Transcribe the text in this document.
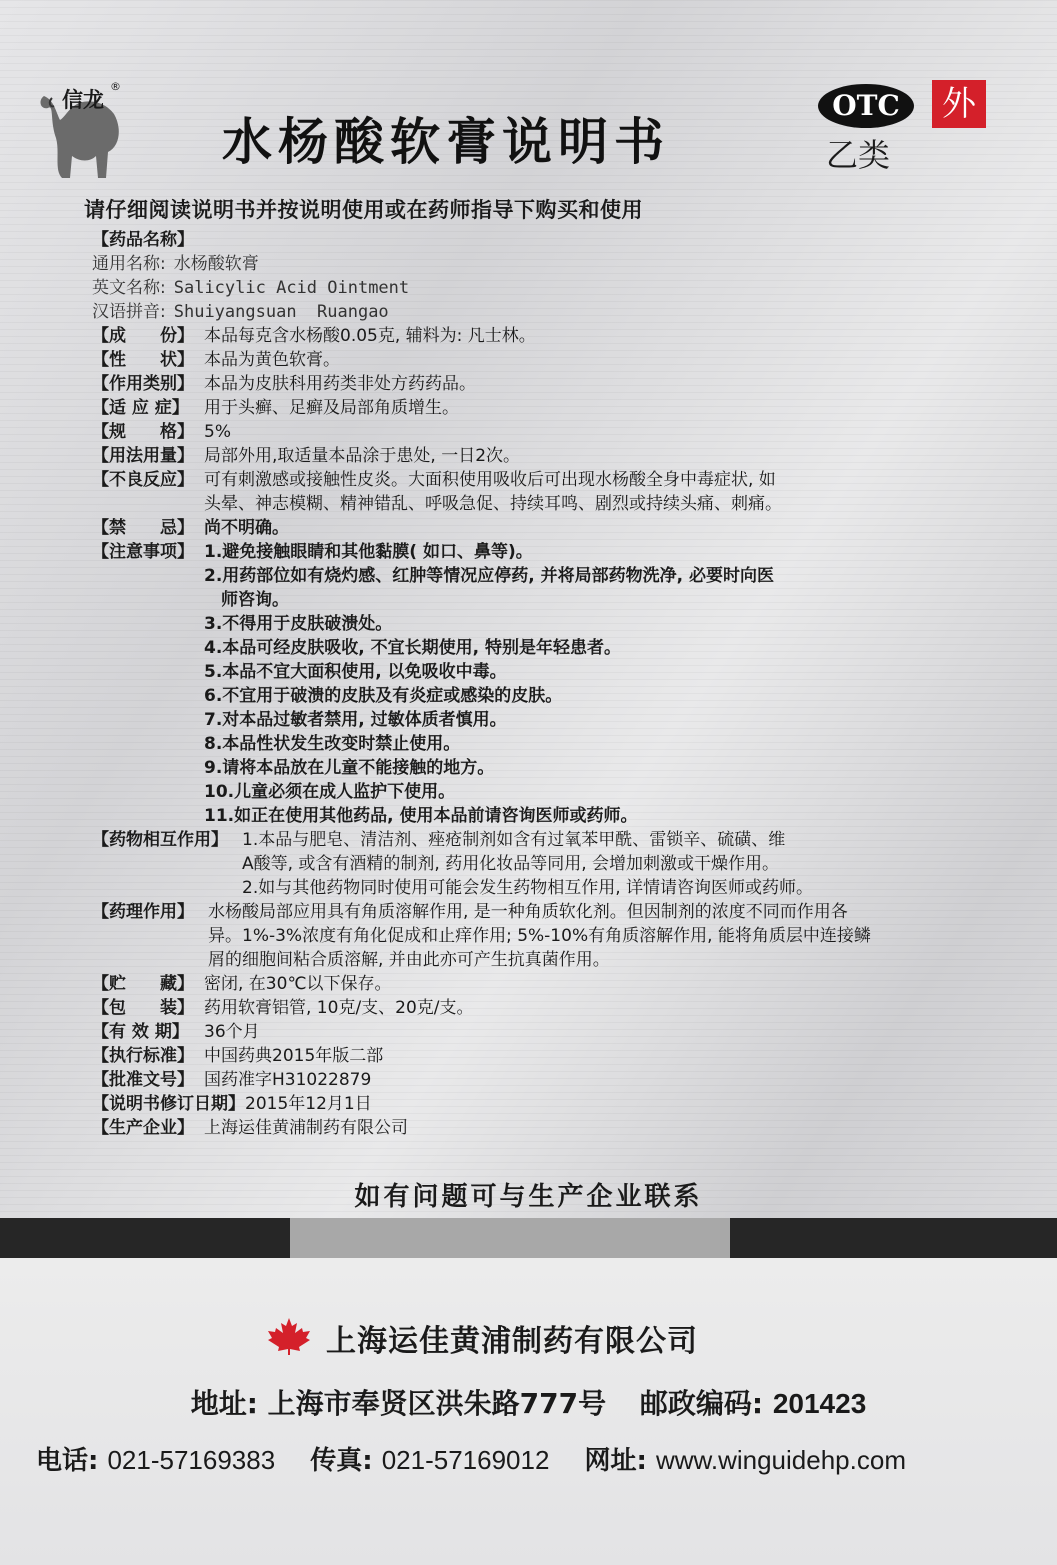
信龙
®
水杨酸软膏说明书
OTC
乙类
外
请仔细阅读说明书并按说明使用或在药师指导下购买和使用
【药品名称】
通用名称: 水杨酸软膏
英文名称: Salicylic Acid Ointment
汉语拼音: Shuiyangsuan  Ruangao
【成　　份】 本品每克含水杨酸0.05克, 辅料为: 凡士林。
【性　　状】 本品为黄色软膏。
【作用类别】 本品为皮肤科用药类非处方药药品。
【适 应 症】 用于头癣、足癣及局部角质增生。
【规　　格】 5%
【用法用量】 局部外用,取适量本品涂于患处, 一日2次。
【不良反应】 可有刺激感或接触性皮炎。大面积使用吸收后可出现水杨酸全身中毒症状, 如
头晕、神志模糊、精神错乱、呼吸急促、持续耳鸣、剧烈或持续头痛、刺痛。
【禁　　忌】 尚不明确。
【注意事项】 1.避免接触眼睛和其他黏膜( 如口、鼻等)。
2.用药部位如有烧灼感、红肿等情况应停药, 并将局部药物洗净, 必要时向医
　师咨询。
3.不得用于皮肤破溃处。
4.本品可经皮肤吸收, 不宜长期使用, 特别是年轻患者。
5.本品不宜大面积使用, 以免吸收中毒。
6.不宜用于破溃的皮肤及有炎症或感染的皮肤。
7.对本品过敏者禁用, 过敏体质者慎用。
8.本品性状发生改变时禁止使用。
9.请将本品放在儿童不能接触的地方。
10.儿童必须在成人监护下使用。
11.如正在使用其他药品, 使用本品前请咨询医师或药师。
【药物相互作用】 1.本品与肥皂、清洁剂、痤疮制剂如含有过氧苯甲酰、雷锁辛、硫磺、维
A酸等, 或含有酒精的制剂, 药用化妆品等同用, 会增加刺激或干燥作用。
2.如与其他药物同时使用可能会发生药物相互作用, 详情请咨询医师或药师。
【药理作用】 水杨酸局部应用具有角质溶解作用, 是一种角质软化剂。但因制剂的浓度不同而作用各
异。1%-3%浓度有角化促成和止痒作用; 5%-10%有角质溶解作用, 能将角质层中连接鳞
屑的细胞间粘合质溶解, 并由此亦可产生抗真菌作用。
【贮　　藏】 密闭, 在30℃以下保存。
【包　　装】 药用软膏铝管, 10克/支、20克/支。
【有 效 期】 36个月
【执行标准】 中国药典2015年版二部
【批准文号】 国药准字H31022879
【说明书修订日期】 2015年12月1日
【生产企业】 上海运佳黄浦制药有限公司
如有问题可与生产企业联系
上海运佳黄浦制药有限公司
地址: 上海市奉贤区洪朱路777号 邮政编码: 201423
电话: 021-57169383 传真: 021-57169012 网址: www.winguidehp.com
